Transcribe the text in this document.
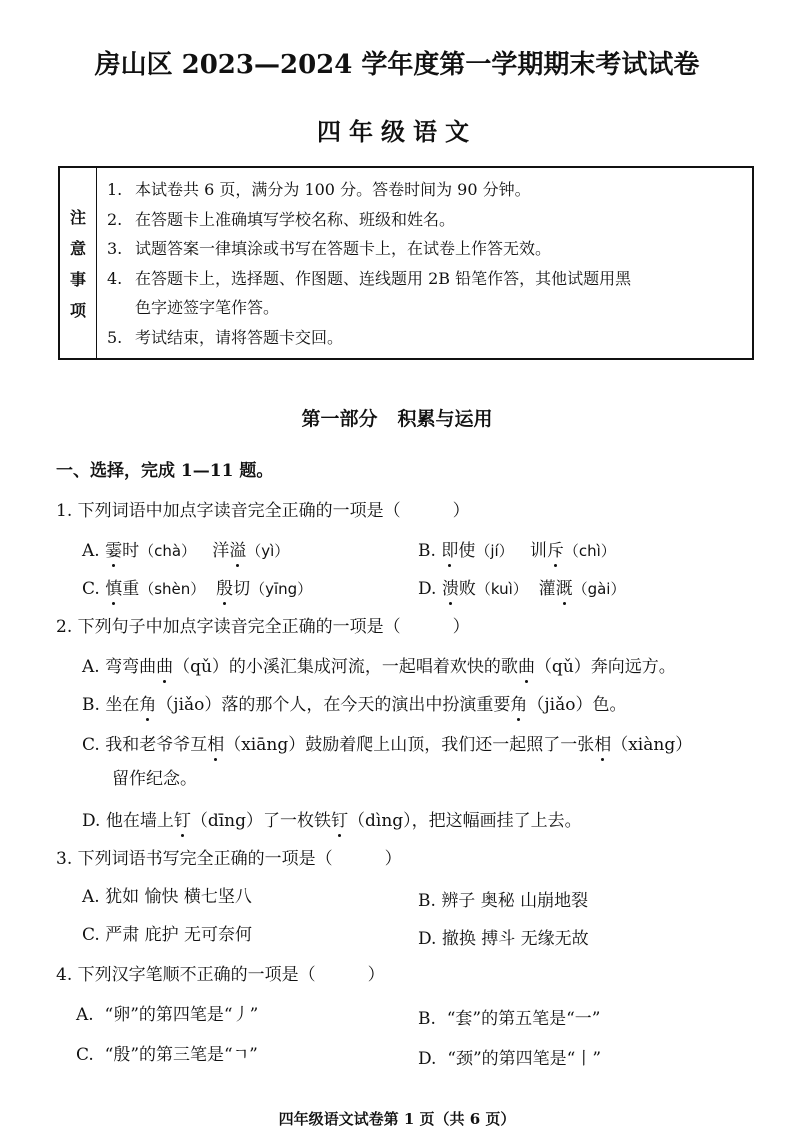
房山区 2023—2024 学年度第一学期期末考试试卷
四年级语文
注
意
事
项
1. 本试卷共 6 页，满分为 100 分。答卷时间为 90 分钟。
2. 在答题卡上准确填写学校名称、班级和姓名。
3. 试题答案一律填涂或书写在答题卡上，在试卷上作答无效。
4. 在答题卡上，选择题、作图题、连线题用 2B 铅笔作答，其他试题用黑
色字迹签字笔作答。
5. 考试结束，请将答题卡交回。
第一部分 积累与运用
一、选择，完成 1—11 题。
1. 下列词语中加点字读音完全正确的一项是（	）
A. 霎时（chà） 洋溢（yì）	B. 即使（jí） 训斥（chì）
C. 慎重（shèn） 殷切（yīng）	D. 溃败（kuì） 灌溉（gài）
2. 下列句子中加点字读音完全正确的一项是（	）
A. 弯弯曲曲（qǔ）的小溪汇集成河流，一起唱着欢快的歌曲（qǔ）奔向远方。
B. 坐在角（jiǎo）落的那个人，在今天的演出中扮演重要角（jiǎo）色。
C. 我和老爷爷互相（xiāng）鼓励着爬上山顶，我们还一起照了一张相（xiàng）
留作纪念。
D. 他在墙上钉（dīng）了一枚铁钉（dìng），把这幅画挂了上去。
3. 下列词语书写完全正确的一项是（	）
A. 犹如 愉快 横七坚八	B. 辨子 奥秘 山崩地裂
C. 严肃 庇护 无可奈何	D. 撤换 搏斗 无缘无故
4. 下列汉字笔顺不正确的一项是（	）
A. “卵”的第四笔是“丿”	B. “套”的第五笔是“一”
C. “殷”的第三笔是“ㄱ”	D. “颈”的第四笔是“丨”
四年级语文试卷第 1 页（共 6 页）
